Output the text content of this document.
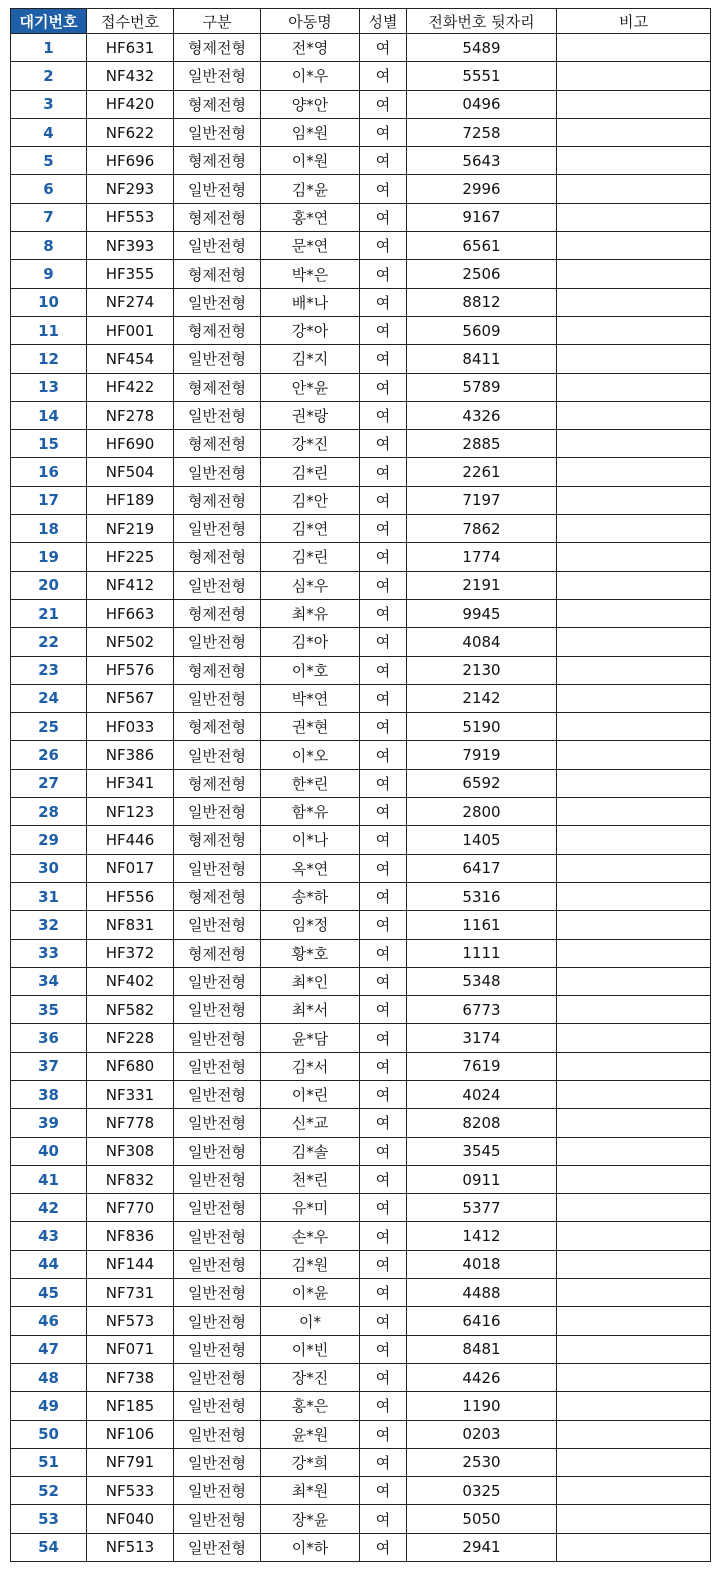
대기번호	접수번호	구분	아동명	성별	전화번호 뒷자리	비고
1	HF631	형제전형	전*영	여	5489	
2	NF432	일반전형	이*우	여	5551	
3	HF420	형제전형	양*안	여	0496	
4	NF622	일반전형	임*원	여	7258	
5	HF696	형제전형	이*원	여	5643	
6	NF293	일반전형	김*윤	여	2996	
7	HF553	형제전형	홍*연	여	9167	
8	NF393	일반전형	문*연	여	6561	
9	HF355	형제전형	박*은	여	2506	
10	NF274	일반전형	배*나	여	8812	
11	HF001	형제전형	강*아	여	5609	
12	NF454	일반전형	김*지	여	8411	
13	HF422	형제전형	안*윤	여	5789	
14	NF278	일반전형	권*랑	여	4326	
15	HF690	형제전형	강*진	여	2885	
16	NF504	일반전형	김*린	여	2261	
17	HF189	형제전형	김*안	여	7197	
18	NF219	일반전형	김*연	여	7862	
19	HF225	형제전형	김*린	여	1774	
20	NF412	일반전형	심*우	여	2191	
21	HF663	형제전형	최*유	여	9945	
22	NF502	일반전형	김*아	여	4084	
23	HF576	형제전형	이*호	여	2130	
24	NF567	일반전형	박*연	여	2142	
25	HF033	형제전형	권*현	여	5190	
26	NF386	일반전형	이*오	여	7919	
27	HF341	형제전형	한*린	여	6592	
28	NF123	일반전형	함*유	여	2800	
29	HF446	형제전형	이*나	여	1405	
30	NF017	일반전형	옥*연	여	6417	
31	HF556	형제전형	송*하	여	5316	
32	NF831	일반전형	임*정	여	1161	
33	HF372	형제전형	황*호	여	1111	
34	NF402	일반전형	최*인	여	5348	
35	NF582	일반전형	최*서	여	6773	
36	NF228	일반전형	윤*담	여	3174	
37	NF680	일반전형	김*서	여	7619	
38	NF331	일반전형	이*린	여	4024	
39	NF778	일반전형	신*교	여	8208	
40	NF308	일반전형	김*솔	여	3545	
41	NF832	일반전형	천*린	여	0911	
42	NF770	일반전형	유*미	여	5377	
43	NF836	일반전형	손*우	여	1412	
44	NF144	일반전형	김*원	여	4018	
45	NF731	일반전형	이*윤	여	4488	
46	NF573	일반전형	이*	여	6416	
47	NF071	일반전형	이*빈	여	8481	
48	NF738	일반전형	장*진	여	4426	
49	NF185	일반전형	홍*은	여	1190	
50	NF106	일반전형	윤*원	여	0203	
51	NF791	일반전형	강*희	여	2530	
52	NF533	일반전형	최*원	여	0325	
53	NF040	일반전형	장*윤	여	5050	
54	NF513	일반전형	이*하	여	2941	
